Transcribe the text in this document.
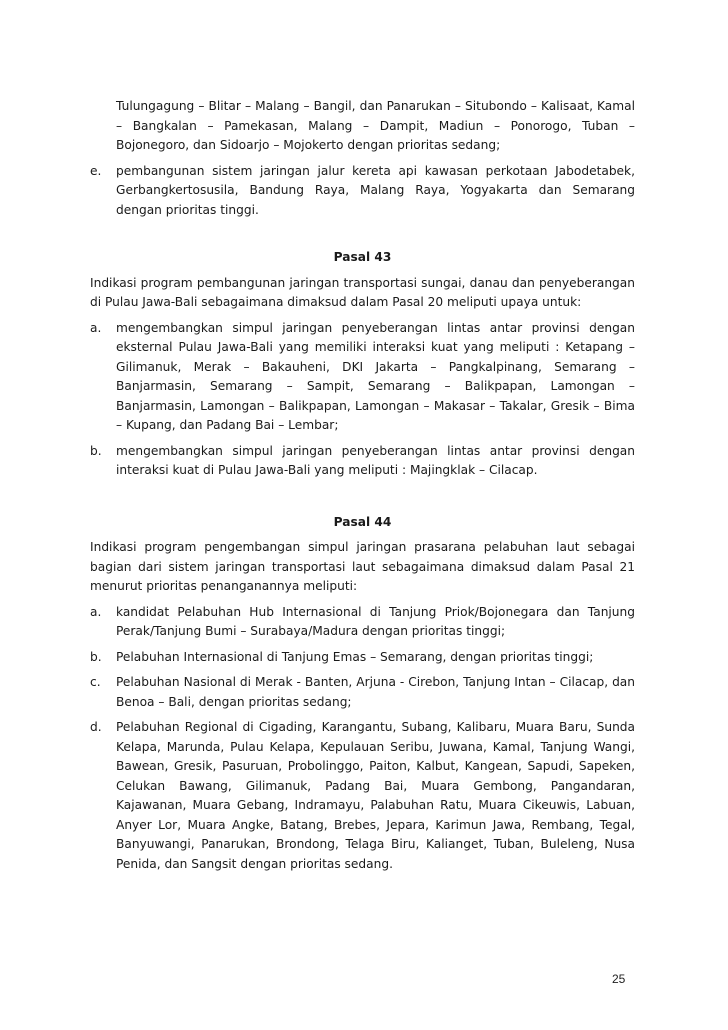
Tulungagung – Blitar – Malang – Bangil, dan Panarukan – Situbondo – Kalisaat, Kamal – Bangkalan – Pamekasan, Malang – Dampit, Madiun – Ponorogo, Tuban – Bojonegoro, dan Sidoarjo – Mojokerto dengan prioritas sedang;
e.	pembangunan sistem jaringan jalur kereta api kawasan perkotaan Jabodetabek, Gerbangkertosusila, Bandung Raya, Malang Raya, Yogyakarta dan Semarang dengan prioritas tinggi.
Pasal 43
Indikasi program pembangunan jaringan transportasi sungai, danau dan penyeberangan di Pulau Jawa-Bali sebagaimana dimaksud dalam Pasal 20 meliputi upaya untuk:
a.	mengembangkan simpul jaringan penyeberangan lintas antar provinsi dengan eksternal Pulau Jawa-Bali yang memiliki interaksi kuat yang meliputi : Ketapang – Gilimanuk, Merak – Bakauheni, DKI Jakarta – Pangkalpinang, Semarang – Banjarmasin, Semarang – Sampit, Semarang – Balikpapan, Lamongan – Banjarmasin, Lamongan – Balikpapan, Lamongan – Makasar – Takalar, Gresik – Bima – Kupang, dan Padang Bai – Lembar;
b.	mengembangkan simpul jaringan penyeberangan lintas antar provinsi dengan interaksi kuat di Pulau Jawa-Bali yang meliputi : Majingklak – Cilacap.
Pasal 44
Indikasi program pengembangan simpul jaringan prasarana pelabuhan laut sebagai bagian dari sistem jaringan transportasi laut sebagaimana dimaksud dalam Pasal 21 menurut prioritas penanganannya meliputi:
a.	kandidat Pelabuhan Hub Internasional di Tanjung Priok/Bojonegara dan Tanjung Perak/Tanjung Bumi – Surabaya/Madura dengan prioritas tinggi;
b.	Pelabuhan Internasional di Tanjung Emas – Semarang, dengan prioritas tinggi;
c.	Pelabuhan Nasional di Merak - Banten, Arjuna - Cirebon, Tanjung Intan – Cilacap, dan Benoa – Bali, dengan prioritas sedang;
d.	Pelabuhan Regional di Cigading, Karangantu, Subang, Kalibaru, Muara Baru, Sunda Kelapa, Marunda, Pulau Kelapa, Kepulauan Seribu, Juwana, Kamal, Tanjung Wangi, Bawean, Gresik, Pasuruan, Probolinggo, Paiton, Kalbut, Kangean, Sapudi, Sapeken, Celukan Bawang, Gilimanuk, Padang Bai, Muara Gembong, Pangandaran, Kajawanan, Muara Gebang, Indramayu, Palabuhan Ratu, Muara Cikeuwis, Labuan, Anyer Lor, Muara Angke, Batang, Brebes, Jepara, Karimun Jawa, Rembang, Tegal, Banyuwangi, Panarukan, Brondong, Telaga Biru, Kalianget, Tuban, Buleleng, Nusa Penida, dan Sangsit dengan prioritas sedang.
25
